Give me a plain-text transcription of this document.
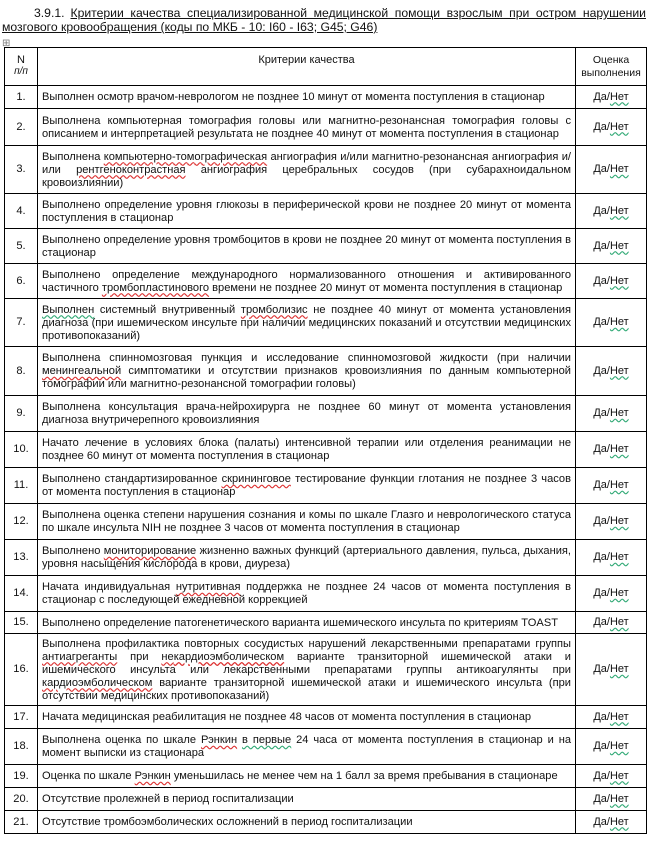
3.9.1. Критерии качества специализированной медицинской помощи взрослым при остром нарушении мозгового кровообращения (коды по МКБ - 10: I60 - I63; G45; G46)
⊞
N
п/п	Критерии качества	Оценка выполнения
1.	Выполнен осмотр врачом-неврологом не позднее 10 минут от момента поступления в стационар	Да/Нет
2.	Выполнена компьютерная томография головы или магнитно-резонансная томография головы с описанием и интерпретацией результата не позднее 40 минут от момента поступления в стационар	Да/Нет
3.	Выполнена компьютерно-томографическая ангиография и/или магнитно-резонансная ангиография и/или рентгеноконтрастная ангиография церебральных сосудов (при субарахноидальном кровоизлиянии)	Да/Нет
4.	Выполнено определение уровня глюкозы в периферической крови не позднее 20 минут от момента поступления в стационар	Да/Нет
5.	Выполнено определение уровня тромбоцитов в крови не позднее 20 минут от момента поступления в стационар	Да/Нет
6.	Выполнено определение международного нормализованного отношения и активированного частичного тромбопластинового времени не позднее 20 минут от момента поступления в стационар	Да/Нет
7.	Выполнен системный внутривенный тромболизис не позднее 40 минут от момента установления диагноза (при ишемическом инсульте при наличии медицинских показаний и отсутствии медицинских противопоказаний)	Да/Нет
8.	Выполнена спинномозговая пункция и исследование спинномозговой жидкости (при наличии менингеальной симптоматики и отсутствии признаков кровоизлияния по данным компьютерной томографии или магнитно-резонансной томографии головы)	Да/Нет
9.	Выполнена консультация врача-нейрохирурга не позднее 60 минут от момента установления диагноза внутричерепного кровоизлияния	Да/Нет
10.	Начато лечение в условиях блока (палаты) интенсивной терапии или отделения реанимации не позднее 60 минут от момента поступления в стационар	Да/Нет
11.	Выполнено стандартизированное скрининговое тестирование функции глотания не позднее 3 часов от момента поступления в стационар	Да/Нет
12.	Выполнена оценка степени нарушения сознания и комы по шкале Глазго и неврологического статуса по шкале инсульта NIH не позднее 3 часов от момента поступления в стационар	Да/Нет
13.	Выполнено мониторирование жизненно важных функций (артериального давления, пульса, дыхания, уровня насыщения кислорода в крови, диуреза)	Да/Нет
14.	Начата индивидуальная нутритивная поддержка не позднее 24 часов от момента поступления в стационар с последующей ежедневной коррекцией	Да/Нет
15.	Выполнено определение патогенетического варианта ишемического инсульта по критериям TOAST	Да/Нет
16.	Выполнена профилактика повторных сосудистых нарушений лекарственными препаратами группы антиагреганты при некардиоэмболическом варианте транзиторной ишемической атаки и ишемического инсульта или лекарственными препаратами группы антикоагулянты при кардиоэмболическом варианте транзиторной ишемической атаки и ишемического инсульта (при отсутствии медицинских противопоказаний)	Да/Нет
17.	Начата медицинская реабилитация не позднее 48 часов от момента поступления в стационар	Да/Нет
18.	Выполнена оценка по шкале Рэнкин в первые 24 часа от момента поступления в стационар и на момент выписки из стационара	Да/Нет
19.	Оценка по шкале Рэнкин уменьшилась не менее чем на 1 балл за время пребывания в стационаре	Да/Нет
20.	Отсутствие пролежней в период госпитализации	Да/Нет
21.	Отсутствие тромбоэмболических осложнений в период госпитализации	Да/Нет
